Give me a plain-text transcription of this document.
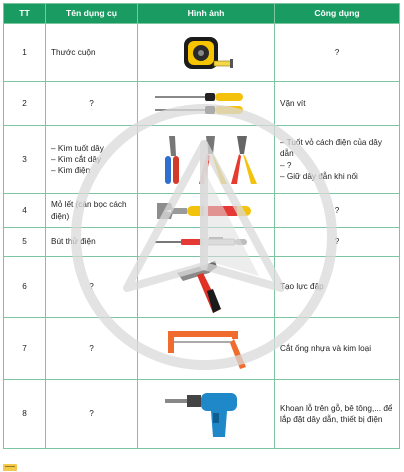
TT	Tên dụng cụ	Hình ảnh	Công dụng
1	Thước cuộn		?

2	?		Vặn vít

3	– Kìm tuốt dây
– Kìm cắt dây
– Kìm điện		– Tuốt vỏ cách điện của dây dẫn
– ?
– Giữ dây dẫn khi nối

4	Mỏ lết (cán bọc cách điện)		?

5	Bút thử điện		?

6	?		Tạo lực đập

7	?		Cắt ống nhựa và kim loại

8	?		Khoan lỗ trên gỗ, bê tông,... để lắp đặt dây dẫn, thiết bị điện
